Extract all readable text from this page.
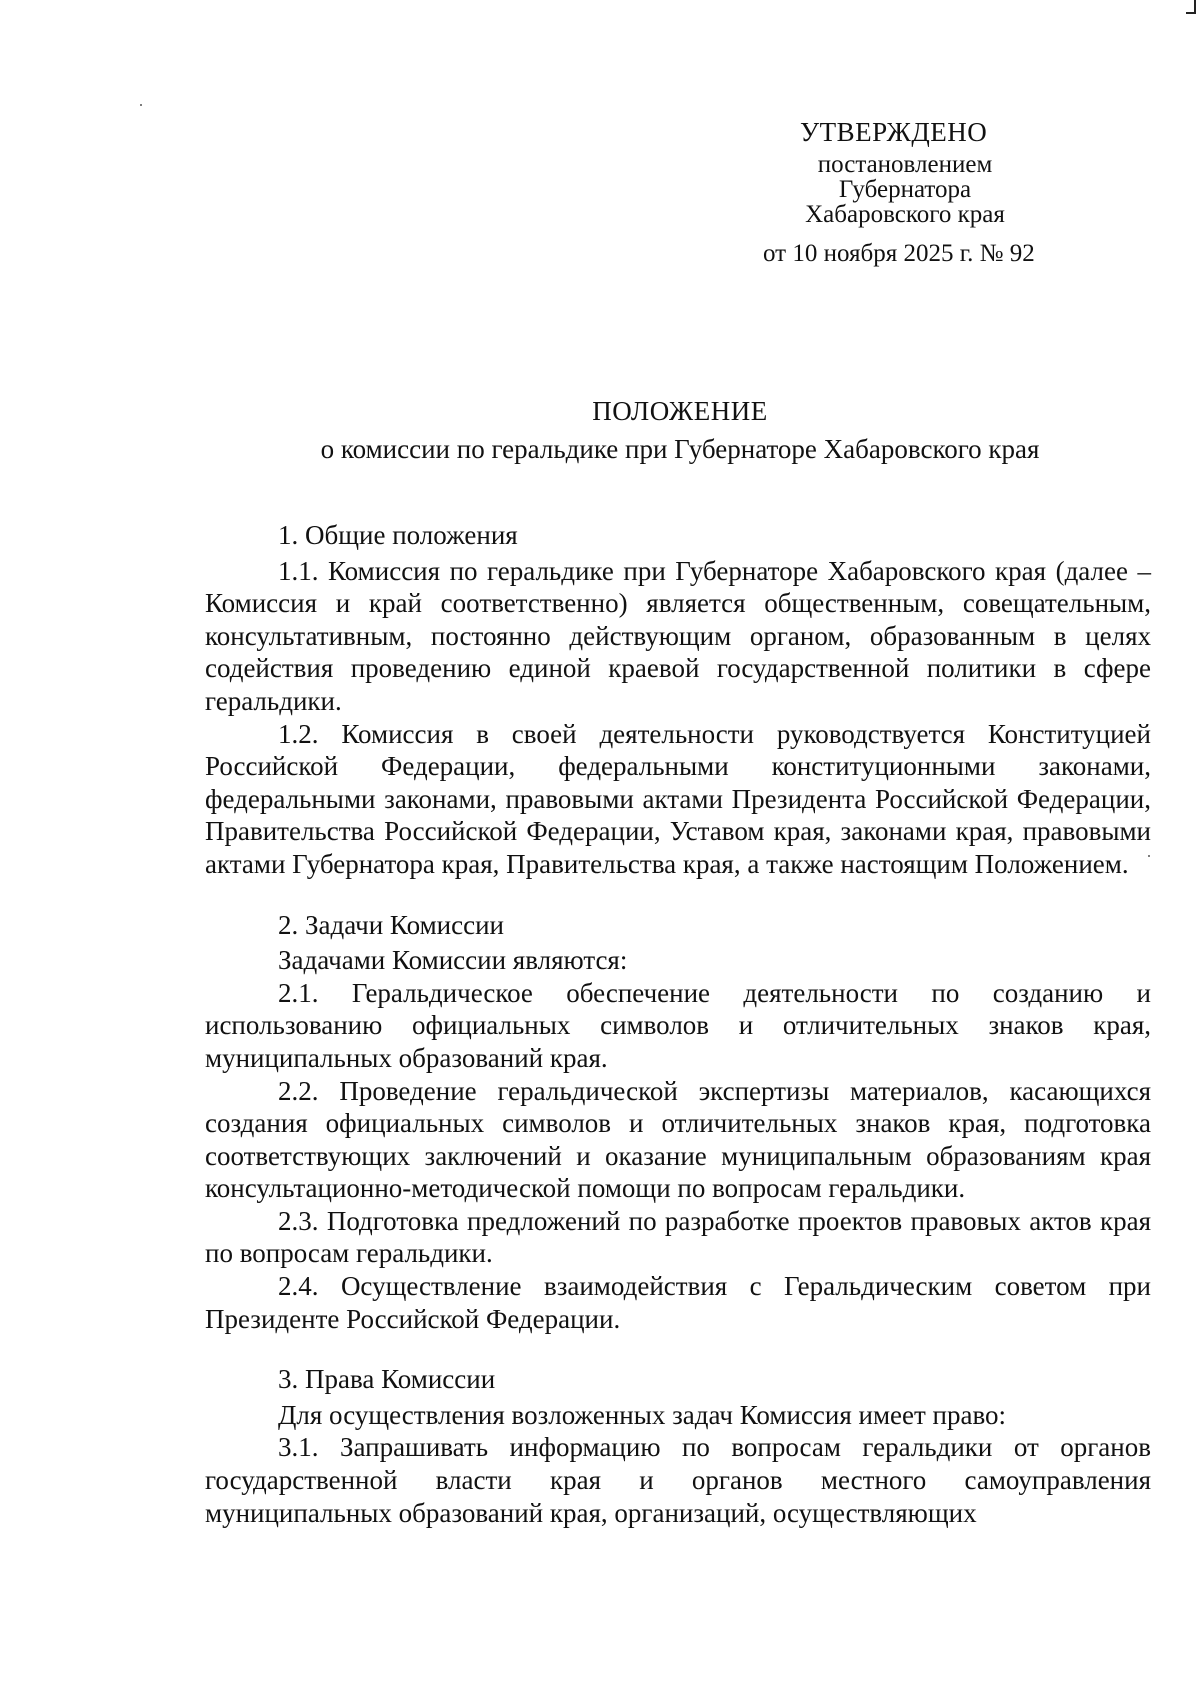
УТВЕРЖДЕНО
постановлением
Губернатора
Хабаровского края
от 10 ноября 2025 г. № 92
ПОЛОЖЕНИЕ
о комиссии по геральдике при Губернаторе Хабаровского края

1. Общие положения

1.1. Комиссия по геральдике при Губернаторе Хабаровского края (далее – Комиссия и край соответственно) является общественным, совещательным, консультативным, постоянно действующим органом, образованным в целях содействия проведению единой краевой государственной политики в сфере геральдики.

1.2. Комиссия в своей деятельности руководствуется Конституцией Российской Федерации, федеральными конституционными законами, федеральными законами, правовыми актами Президента Российской Федерации, Правительства Российской Федерации, Уставом края, законами края, правовыми актами Губернатора края, Правительства края, а также настоящим Положением.

2. Задачи Комиссии

Задачами Комиссии являются:

2.1. Геральдическое обеспечение деятельности по созданию и использованию официальных символов и отличительных знаков края, муниципальных образований края.

2.2. Проведение геральдической экспертизы материалов, касающихся создания официальных символов и отличительных знаков края, подготовка соответствующих заключений и оказание муниципальным образованиям края консультационно-методической помощи по вопросам геральдики.

2.3. Подготовка предложений по разработке проектов правовых актов края по вопросам геральдики.

2.4. Осуществление взаимодействия с Геральдическим советом при Президенте Российской Федерации.

3. Права Комиссии

Для осуществления возложенных задач Комиссия имеет право:

3.1. Запрашивать информацию по вопросам геральдики от органов государственной власти края и органов местного самоуправления муниципальных образований края, организаций, осуществляющих
